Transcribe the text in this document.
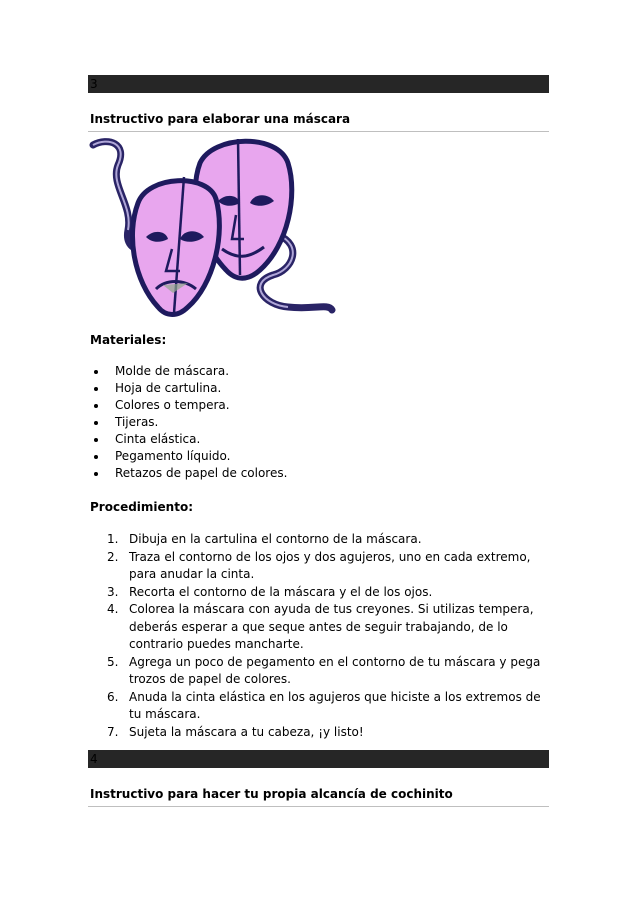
3
Instructivo para elaborar una máscara
Materiales:
Molde de máscara.
Hoja de cartulina.
Colores o tempera.
Tijeras.
Cinta elástica.
Pegamento líquido.
Retazos de papel de colores.
Procedimiento:
1. Dibuja en la cartulina el contorno de la máscara.
2. Traza el contorno de los ojos y dos agujeros, uno en cada extremo, para anudar la cinta.
3. Recorta el contorno de la máscara y el de los ojos.
4. Colorea la máscara con ayuda de tus creyones. Si utilizas tempera, deberás esperar a que seque antes de seguir trabajando, de lo contrario puedes mancharte.
5. Agrega un poco de pegamento en el contorno de tu máscara y pega trozos de papel de colores.
6. Anuda la cinta elástica en los agujeros que hiciste a los extremos de tu máscara.
7. Sujeta la máscara a tu cabeza, ¡y listo!
4
Instructivo para hacer tu propia alcancía de cochinito
